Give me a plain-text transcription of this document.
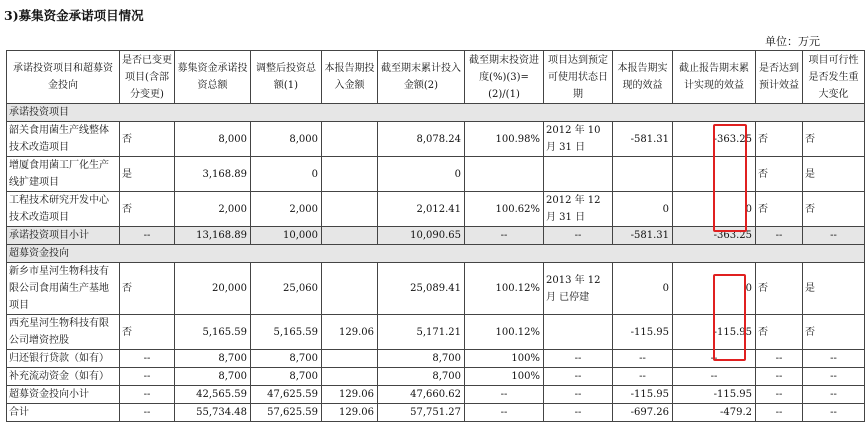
3)募集资金承诺项目情况
单位：万元
承诺投资项目和超募资金投向	是否已变更项目(含部分变更)	募集资金承诺投资总额	调整后投资总额(1)	本报告期投入金额	截至期末累计投入金额(2)	截至期末投资进度(%)(3)=(2)/(1)	项目达到预定可使用状态日期	本报告期实现的效益	截止报告期末累计实现的效益	是否达到预计效益	项目可行性是否发生重大变化
承诺投资项目											
韶关食用菌生产线整体技术改造项目	否	8,000	8,000		8,078.24	100.98%	2012 年 10 月 31 日	-581.31	-363.25	否	否
增厦食用菌工厂化生产线扩建项目	是	3,168.89	0		0					否	是
工程技术研究开发中心技术改造项目	否	2,000	2,000		2,012.41	100.62%	2012 年 12 月 31 日	0	0	否	否
承诺投资项目小计	--	13,168.89	10,000		10,090.65	--	--	-581.31	-363.25	--	--
超募资金投向											
新乡市星河生物科技有限公司食用菌生产基地项目	否	20,000	25,060		25,089.41	100.12%	2013 年 12 月 已停建	0	0	否	是
西充星河生物科技有限公司增资控股	否	5,165.59	5,165.59	129.06	5,171.21	100.12%		-115.95	-115.95	否	否
归还银行贷款（如有）	--	8,700	8,700		8,700	100%	--	--	--	--	--
补充流动资金（如有）	--	8,700	8,700		8,700	100%	--	--	--	--	--
超募资金投向小计	--	42,565.59	47,625.59	129.06	47,660.62	--	--	-115.95	-115.95	--	--
合计	--	55,734.48	57,625.59	129.06	57,751.27	--	--	-697.26	-479.2	--	--
